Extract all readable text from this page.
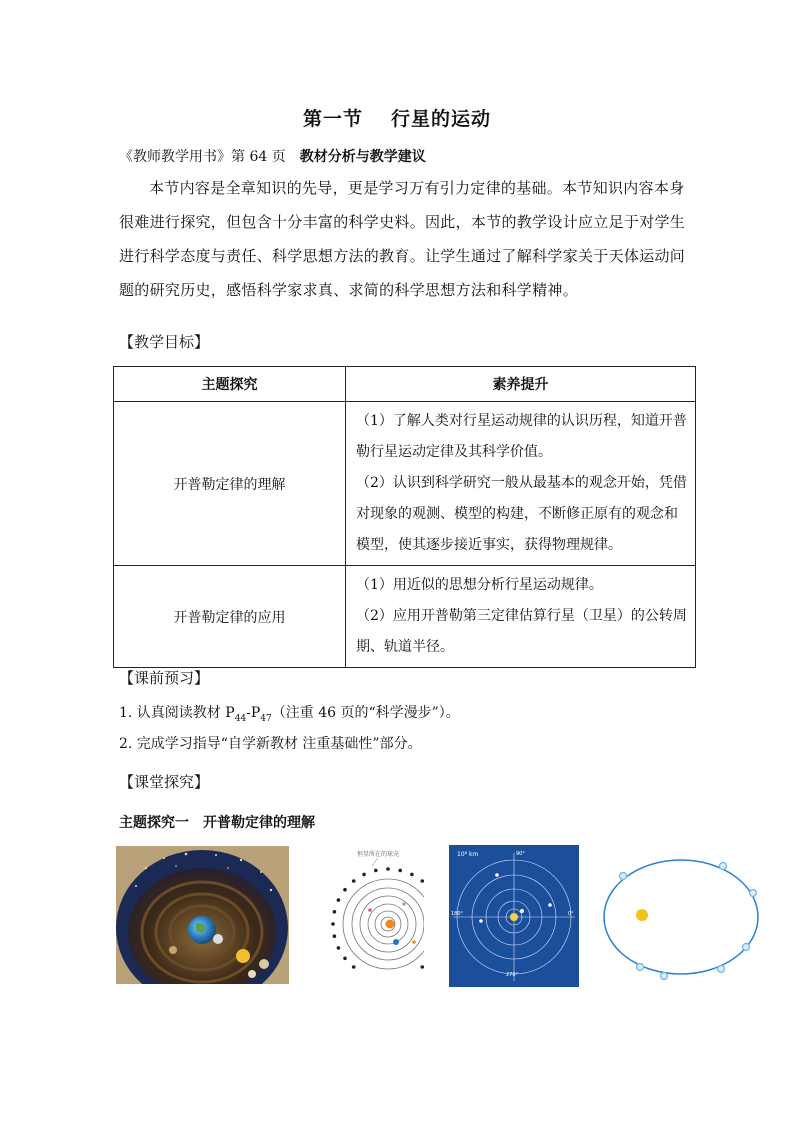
第一节 行星的运动
《教师教学用书》第 64 页 教材分析与教学建议
本节内容是全章知识的先导，更是学习万有引力定律的基础。本节知识内容本身很难进行探究，但包含十分丰富的科学史料。因此，本节的教学设计应立足于对学生进行科学态度与责任、科学思想方法的教育。让学生通过了解科学家关于天体运动问题的研究历史，感悟科学家求真、求简的科学思想方法和科学精神。
【教学目标】
主题探究	素养提升
开普勒定律的理解	（1）了解人类对行星运动规律的认识历程，知道开普勒行星运动定律及其科学价值。
（2）认识到科学研究一般从最基本的观念开始，凭借对现象的观测、模型的构建，不断修正原有的观念和模型，使其逐步接近事实，获得物理规律。

开普勒定律的应用	（1）用近似的思想分析行星运动规律。
（2）应用开普勒第三定律估算行星（卫星）的公转周期、轨道半径。
【课前预习】
1. 认真阅读教材 $P_{44}-P_{47}$（注重 46 页的“科学漫步”）。
2. 完成学习指导“自学新教材 注重基础性”部分。
【课堂探究】
主题探究一 开普勒定律的理解
恒星所在的球壳	10⁸ km	90°
180°	0°
270°
